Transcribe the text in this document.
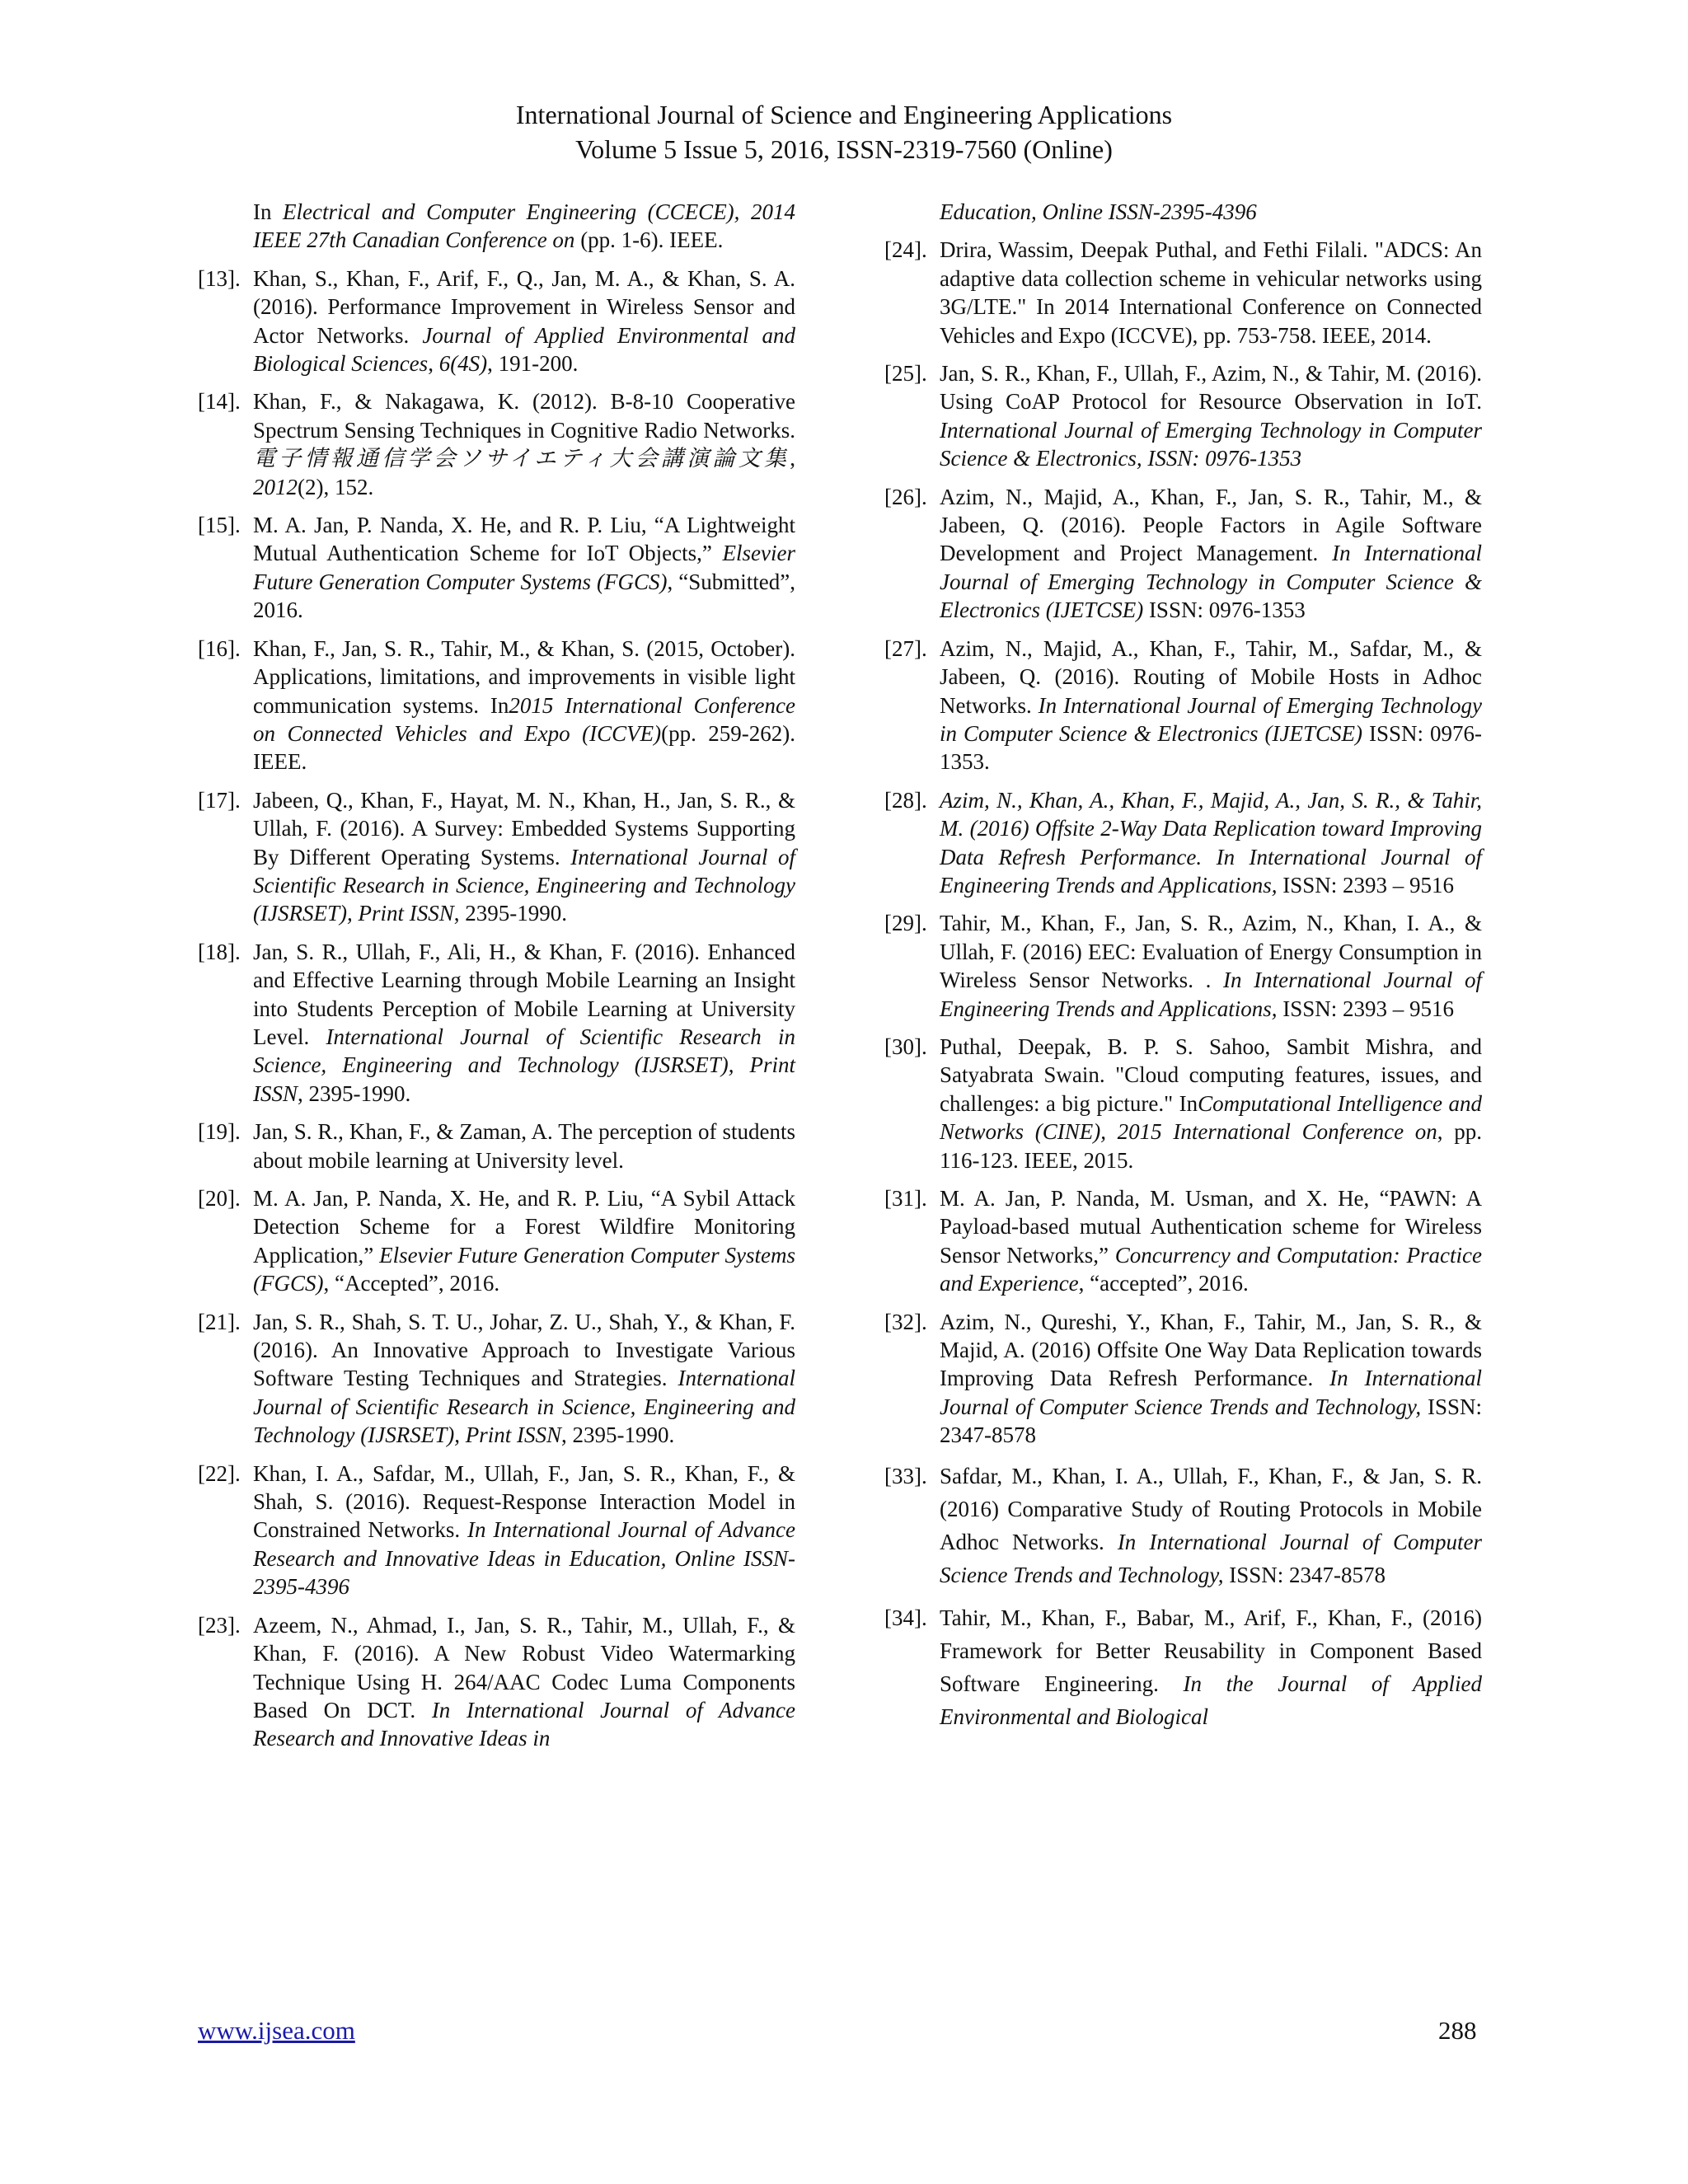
International Journal of Science and Engineering Applications
Volume 5 Issue 5, 2016, ISSN-2319-7560 (Online)
In Electrical and Computer Engineering (CCECE), 2014 IEEE 27th Canadian Conference on (pp. 1-6). IEEE.
[13]. Khan, S., Khan, F., Arif, F., Q., Jan, M. A., & Khan, S. A. (2016). Performance Improvement in Wireless Sensor and Actor Networks. Journal of Applied Environmental and Biological Sciences, 6(4S), 191-200.
[14]. Khan, F., & Nakagawa, K. (2012). B-8-10 Cooperative Spectrum Sensing Techniques in Cognitive Radio Networks. 電子情報通信学会ソサイエティ大会講演論文集, 2012(2), 152.
[15]. M. A. Jan, P. Nanda, X. He, and R. P. Liu, “A Lightweight Mutual Authentication Scheme for IoT Objects,” Elsevier Future Generation Computer Systems (FGCS), “Submitted”, 2016.
[16]. Khan, F., Jan, S. R., Tahir, M., & Khan, S. (2015, October). Applications, limitations, and improvements in visible light communication systems. In2015 International Conference on Connected Vehicles and Expo (ICCVE)(pp. 259-262). IEEE.
[17]. Jabeen, Q., Khan, F., Hayat, M. N., Khan, H., Jan, S. R., & Ullah, F. (2016). A Survey: Embedded Systems Supporting By Different Operating Systems. International Journal of Scientific Research in Science, Engineering and Technology (IJSRSET), Print ISSN, 2395-1990.
[18]. Jan, S. R., Ullah, F., Ali, H., & Khan, F. (2016). Enhanced and Effective Learning through Mobile Learning an Insight into Students Perception of Mobile Learning at University Level. International Journal of Scientific Research in Science, Engineering and Technology (IJSRSET), Print ISSN, 2395-1990.
[19]. Jan, S. R., Khan, F., & Zaman, A. The perception of students about mobile learning at University level.
[20]. M. A. Jan, P. Nanda, X. He, and R. P. Liu, “A Sybil Attack Detection Scheme for a Forest Wildfire Monitoring Application,” Elsevier Future Generation Computer Systems (FGCS), “Accepted”, 2016.
[21]. Jan, S. R., Shah, S. T. U., Johar, Z. U., Shah, Y., & Khan, F. (2016). An Innovative Approach to Investigate Various Software Testing Techniques and Strategies. International Journal of Scientific Research in Science, Engineering and Technology (IJSRSET), Print ISSN, 2395-1990.
[22]. Khan, I. A., Safdar, M., Ullah, F., Jan, S. R., Khan, F., & Shah, S. (2016). Request-Response Interaction Model in Constrained Networks. In International Journal of Advance Research and Innovative Ideas in Education, Online ISSN-2395-4396
[23]. Azeem, N., Ahmad, I., Jan, S. R., Tahir, M., Ullah, F., & Khan, F. (2016). A New Robust Video Watermarking Technique Using H. 264/AAC Codec Luma Components Based On DCT. In International Journal of Advance Research and Innovative Ideas in
Education, Online ISSN-2395-4396
[24]. Drira, Wassim, Deepak Puthal, and Fethi Filali. "ADCS: An adaptive data collection scheme in vehicular networks using 3G/LTE." In 2014 International Conference on Connected Vehicles and Expo (ICCVE), pp. 753-758. IEEE, 2014.
[25]. Jan, S. R., Khan, F., Ullah, F., Azim, N., & Tahir, M. (2016). Using CoAP Protocol for Resource Observation in IoT. International Journal of Emerging Technology in Computer Science & Electronics, ISSN: 0976-1353
[26]. Azim, N., Majid, A., Khan, F., Jan, S. R., Tahir, M., & Jabeen, Q. (2016). People Factors in Agile Software Development and Project Management. In International Journal of Emerging Technology in Computer Science & Electronics (IJETCSE) ISSN: 0976-1353
[27]. Azim, N., Majid, A., Khan, F., Tahir, M., Safdar, M., & Jabeen, Q. (2016). Routing of Mobile Hosts in Adhoc Networks. In International Journal of Emerging Technology in Computer Science & Electronics (IJETCSE) ISSN: 0976-1353.
[28]. Azim, N., Khan, A., Khan, F., Majid, A., Jan, S. R., & Tahir, M. (2016) Offsite 2-Way Data Replication toward Improving Data Refresh Performance. In International Journal of Engineering Trends and Applications, ISSN: 2393 – 9516
[29]. Tahir, M., Khan, F., Jan, S. R., Azim, N., Khan, I. A., & Ullah, F. (2016) EEC: Evaluation of Energy Consumption in Wireless Sensor Networks. . In International Journal of Engineering Trends and Applications, ISSN: 2393 – 9516
[30]. Puthal, Deepak, B. P. S. Sahoo, Sambit Mishra, and Satyabrata Swain. "Cloud computing features, issues, and challenges: a big picture." InComputational Intelligence and Networks (CINE), 2015 International Conference on, pp. 116-123. IEEE, 2015.
[31]. M. A. Jan, P. Nanda, M. Usman, and X. He, “PAWN: A Payload-based mutual Authentication scheme for Wireless Sensor Networks,” Concurrency and Computation: Practice and Experience, “accepted”, 2016.
[32]. Azim, N., Qureshi, Y., Khan, F., Tahir, M., Jan, S. R., & Majid, A. (2016) Offsite One Way Data Replication towards Improving Data Refresh Performance. In International Journal of Computer Science Trends and Technology, ISSN: 2347-8578
[33]. Safdar, M., Khan, I. A., Ullah, F., Khan, F., & Jan, S. R. (2016) Comparative Study of Routing Protocols in Mobile Adhoc Networks. In International Journal of Computer Science Trends and Technology, ISSN: 2347-8578
[34]. Tahir, M., Khan, F., Babar, M., Arif, F., Khan, F., (2016) Framework for Better Reusability in Component Based Software Engineering. In the Journal of Applied Environmental and Biological
www.ijsea.com	288
